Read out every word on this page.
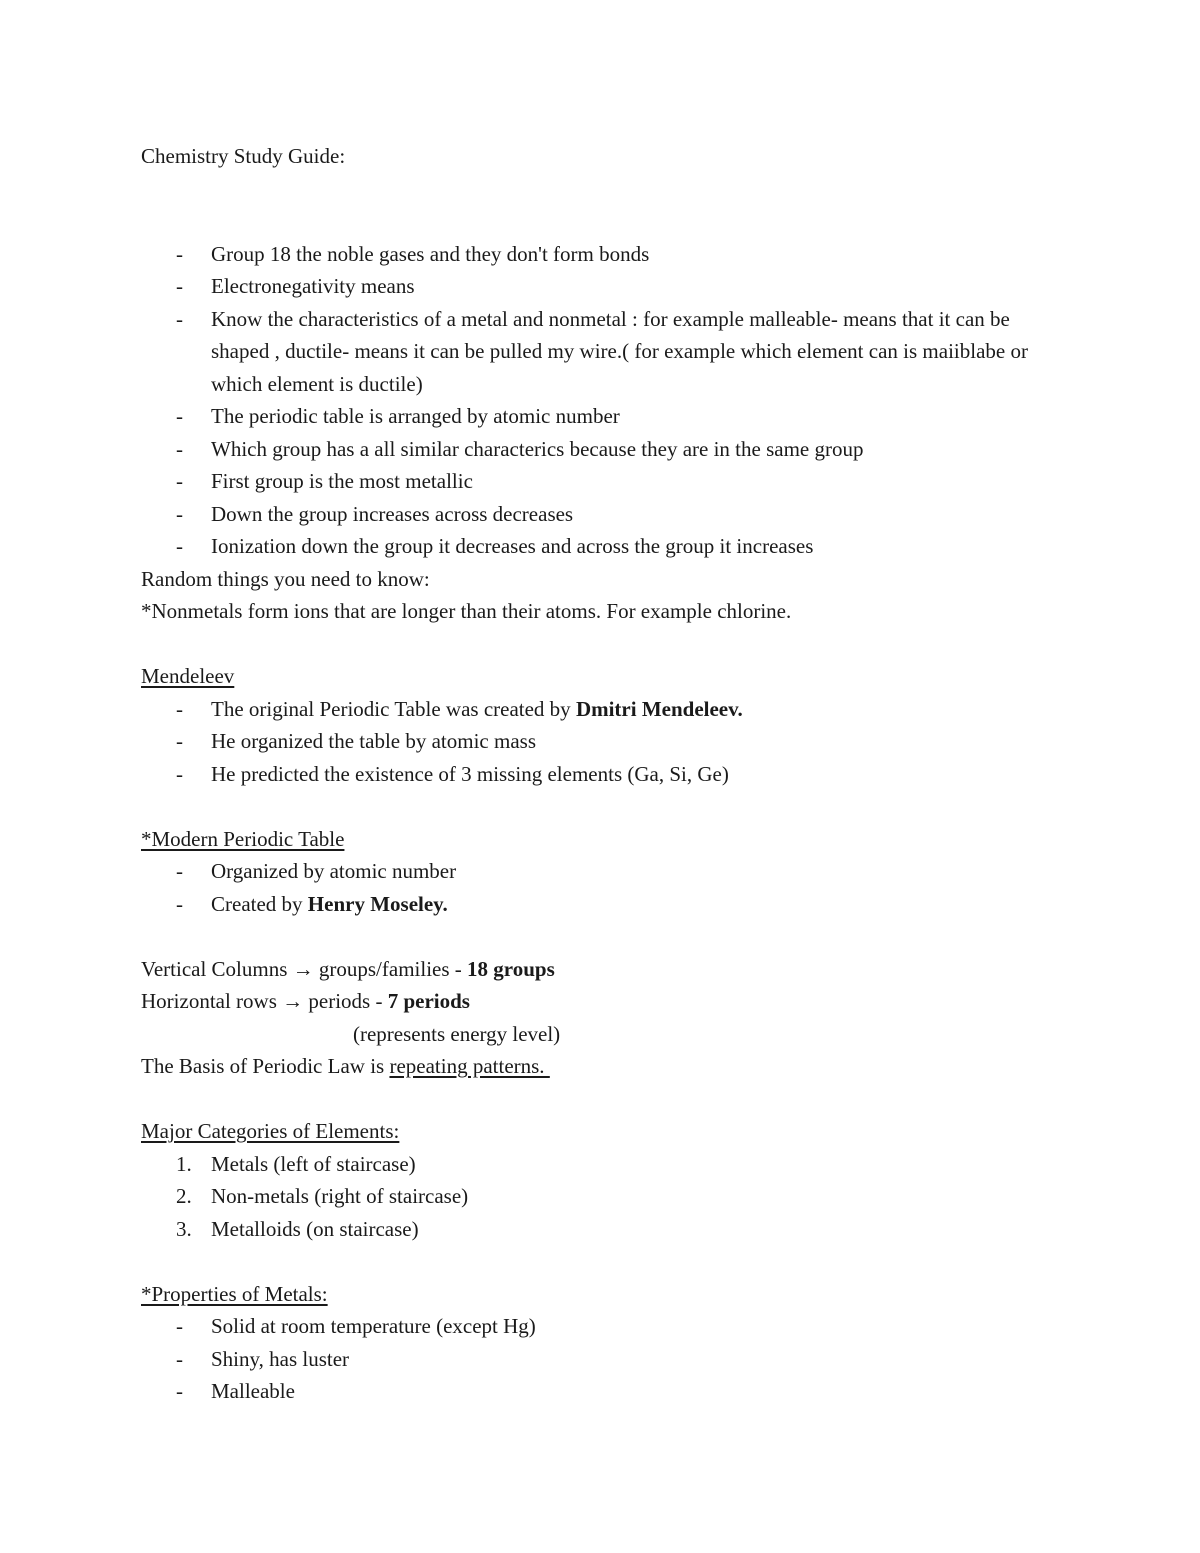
Chemistry Study Guide:

- Group 18 the noble gases and they don't form bonds
- Electronegativity means
- Know the characteristics of a metal and nonmetal : for example malleable- means that it can be shaped , ductile- means it can be pulled my wire.( for example which element can is maiiblabe or which element is ductile)
- The periodic table is arranged by atomic number
- Which group has a all similar characterics because they are in the same group
- First group is the most metallic
- Down the group increases across decreases
- Ionization down the group it decreases and across the group it increases

Random things you need to know:

*Nonmetals form ions that are longer than their atoms. For example chlorine.

Mendeleev

- The original Periodic Table was created by Dmitri Mendeleev.
- He organized the table by atomic mass
- He predicted the existence of 3 missing elements (Ga, Si, Ge)

*Modern Periodic Table

- Organized by atomic number
- Created by Henry Moseley.

Vertical Columns → groups/families - 18 groups

Horizontal rows → periods - 7 periods

(represents energy level)

The Basis of Periodic Law is repeating patterns.

Major Categories of Elements:

1. Metals (left of staircase)
2. Non-metals (right of staircase)
3. Metalloids (on staircase)

*Properties of Metals:

- Solid at room temperature (except Hg)
- Shiny, has luster
- Malleable
